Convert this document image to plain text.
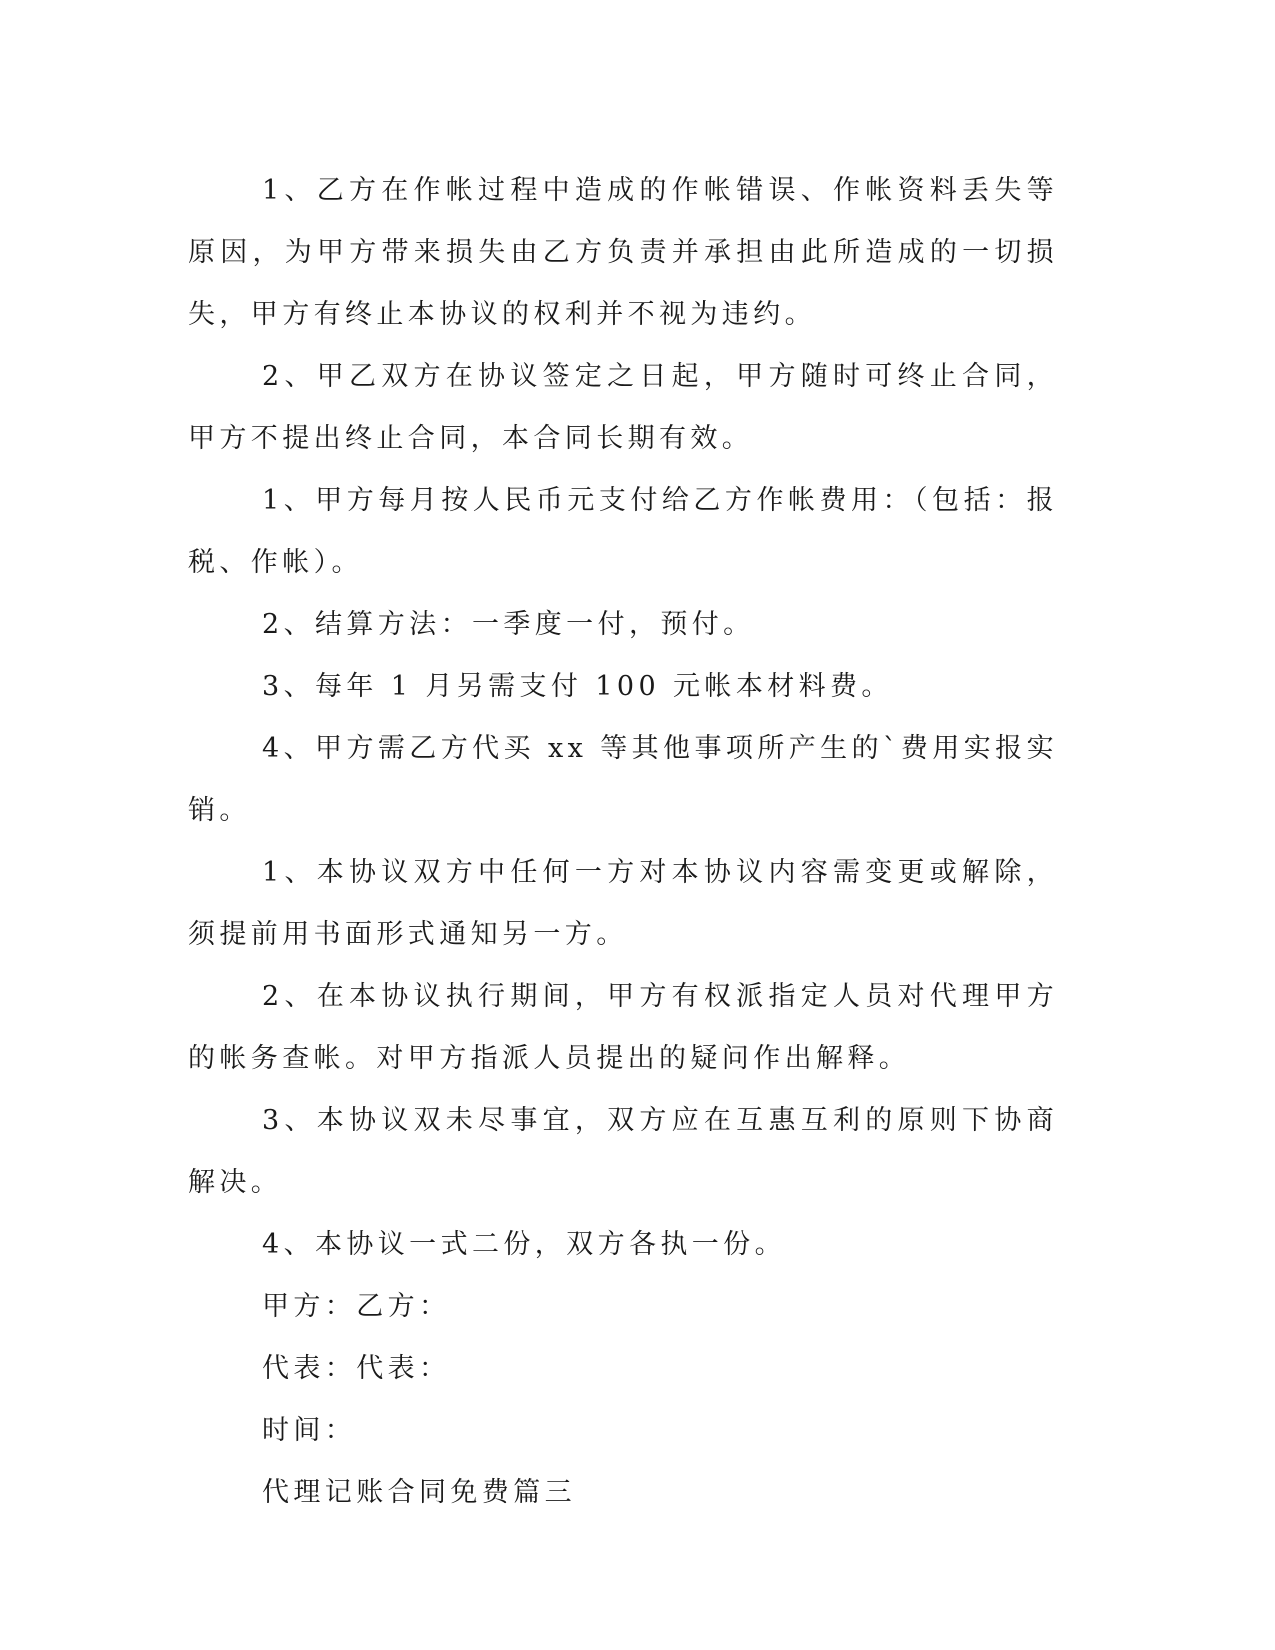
1、乙方在作帐过程中造成的作帐错误、作帐资料丢失等原因，为甲方带来损失由乙方负责并承担由此所造成的一切损失，甲方有终止本协议的权利并不视为违约。

2、甲乙双方在协议签定之日起，甲方随时可终止合同，甲方不提出终止合同，本合同长期有效。

1、甲方每月按人民币元支付给乙方作帐费用：（包括：报税、作帐）。

2、结算方法：一季度一付，预付。

3、每年 1 月另需支付 100 元帐本材料费。

4、甲方需乙方代买 xx 等其他事项所产生的`费用实报实销。

1、本协议双方中任何一方对本协议内容需变更或解除，须提前用书面形式通知另一方。

2、在本协议执行期间，甲方有权派指定人员对代理甲方的帐务查帐。对甲方指派人员提出的疑问作出解释。

3、本协议双未尽事宜，双方应在互惠互利的原则下协商解决。

4、本协议一式二份，双方各执一份。

甲方：乙方：

代表：代表：

时间：

代理记账合同免费篇三
